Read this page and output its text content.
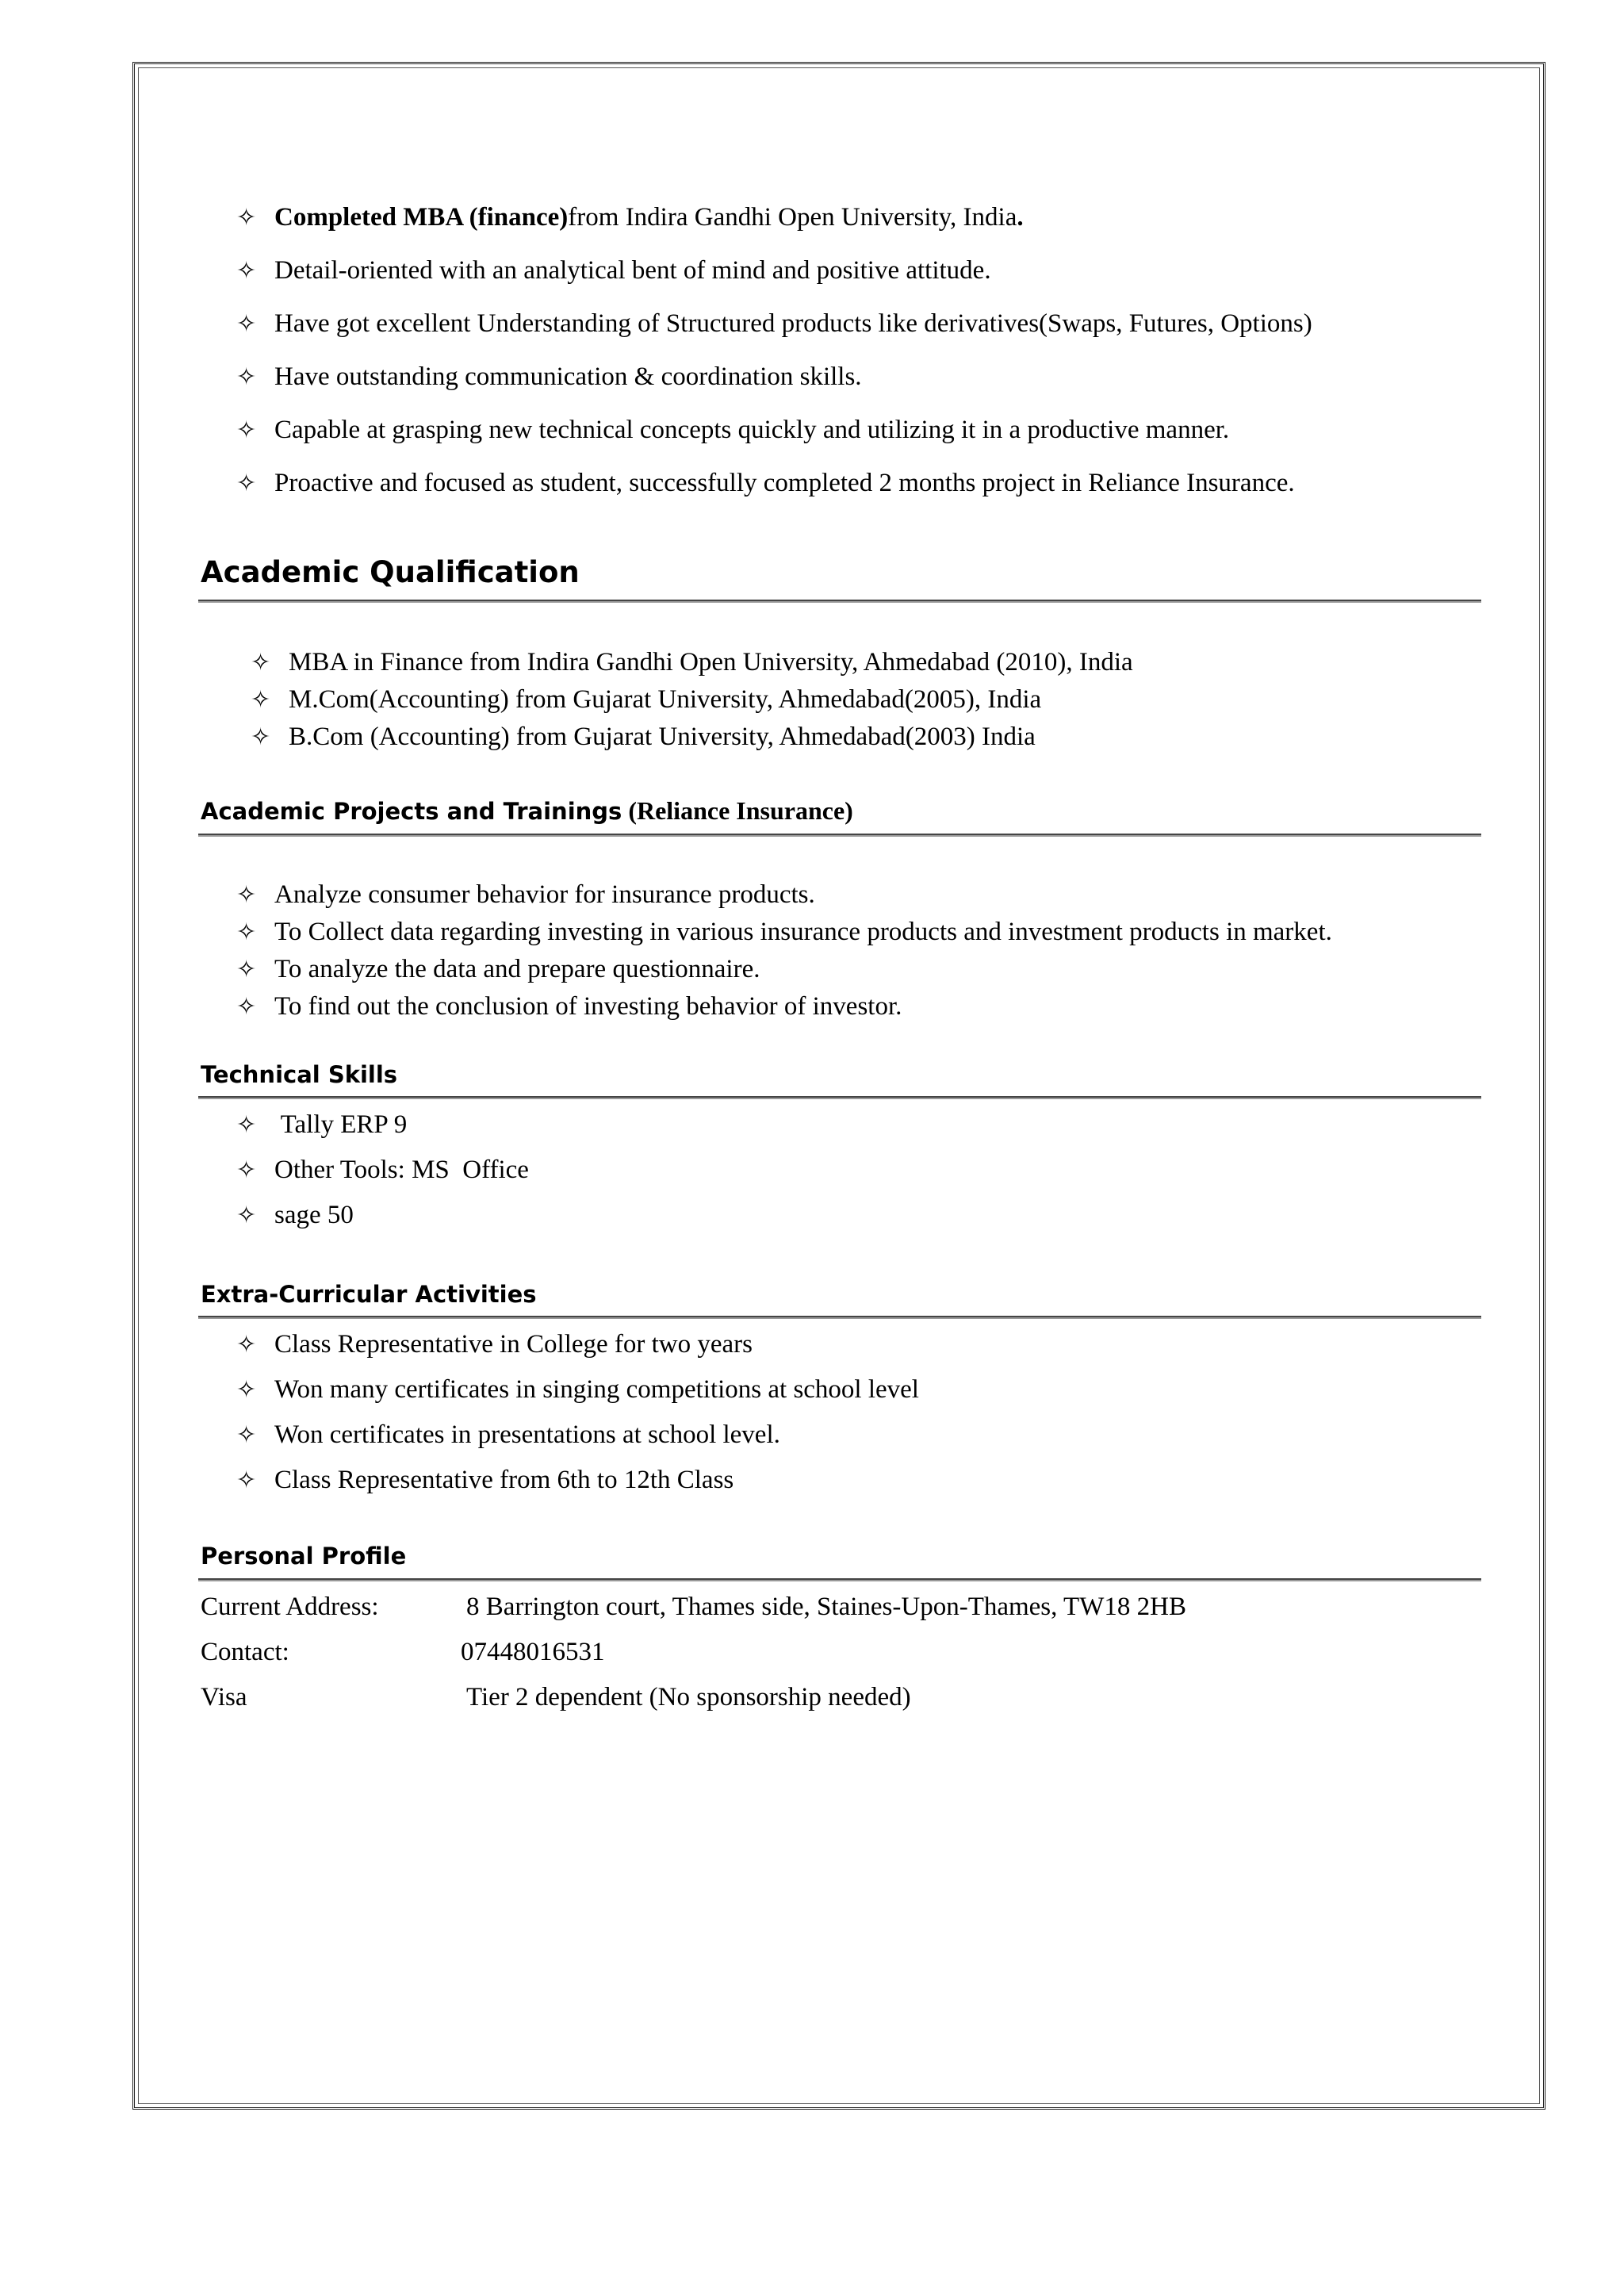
✧ Completed MBA (finance) from Indira Gandhi Open University, India .
✧ Detail-oriented with an analytical bent of mind and positive attitude.
✧ Have got excellent Understanding of Structured products like derivatives(Swaps, Futures, Options)
✧ Have outstanding communication & coordination skills.
✧ Capable at grasping new technical concepts quickly and utilizing it in a productive manner.
✧ Proactive and focused as student, successfully completed 2 months project in Reliance Insurance.
Academic Qualification
✧ MBA in Finance from Indira Gandhi Open University, Ahmedabad (2010), India
✧ M.Com(Accounting) from Gujarat University, Ahmedabad(2005), India
✧ B.Com (Accounting) from Gujarat University, Ahmedabad(2003) India
Academic Projects and Trainings (Reliance Insurance)
✧ Analyze consumer behavior for insurance products.
✧ To Collect data regarding investing in various insurance products and investment products in market.
✧ To analyze the data and prepare questionnaire.
✧ To find out the conclusion of investing behavior of investor.
Technical Skills
✧ Tally ERP 9
✧ Other Tools: MS  Office
✧ sage 50
Extra-Curricular Activities
✧ Class Representative in College for two years
✧ Won many certificates in singing competitions at school level
✧ Won certificates in presentations at school level.
✧ Class Representative from 6th to 12th Class
Personal Profile
Current Address:	8 Barrington court, Thames side, Staines-Upon-Thames, TW18 2HB
Contact:	07448016531
Visa	Tier 2 dependent (No sponsorship needed)
